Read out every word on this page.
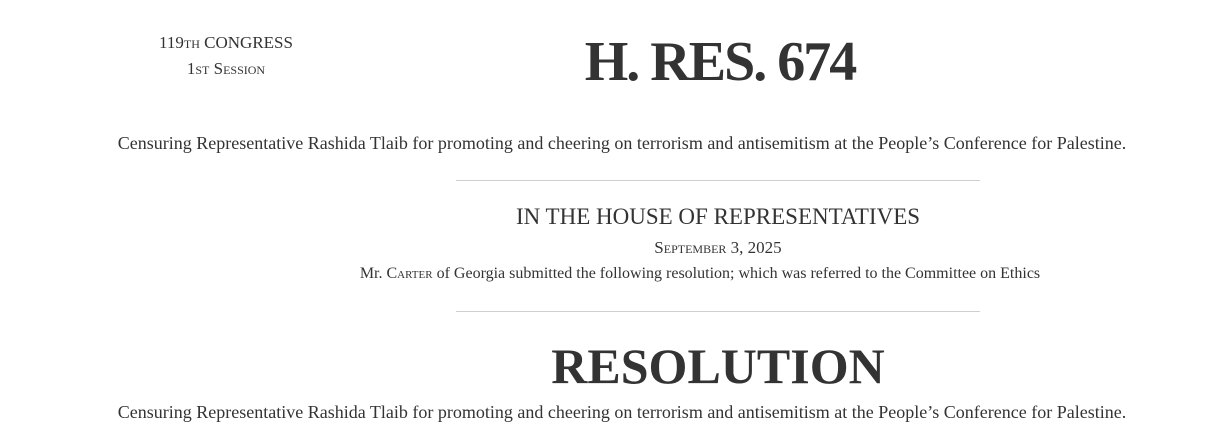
119th CONGRESS
1st Session	H. RES. 674
Censuring Representative Rashida Tlaib for promoting and cheering on terrorism and antisemitism at the People’s Conference for Palestine.
IN THE HOUSE OF REPRESENTATIVES
September 3, 2025
Mr. Carter of Georgia submitted the following resolution; which was referred to the Committee on Ethics
RESOLUTION
Censuring Representative Rashida Tlaib for promoting and cheering on terrorism and antisemitism at the People’s Conference for Palestine.
